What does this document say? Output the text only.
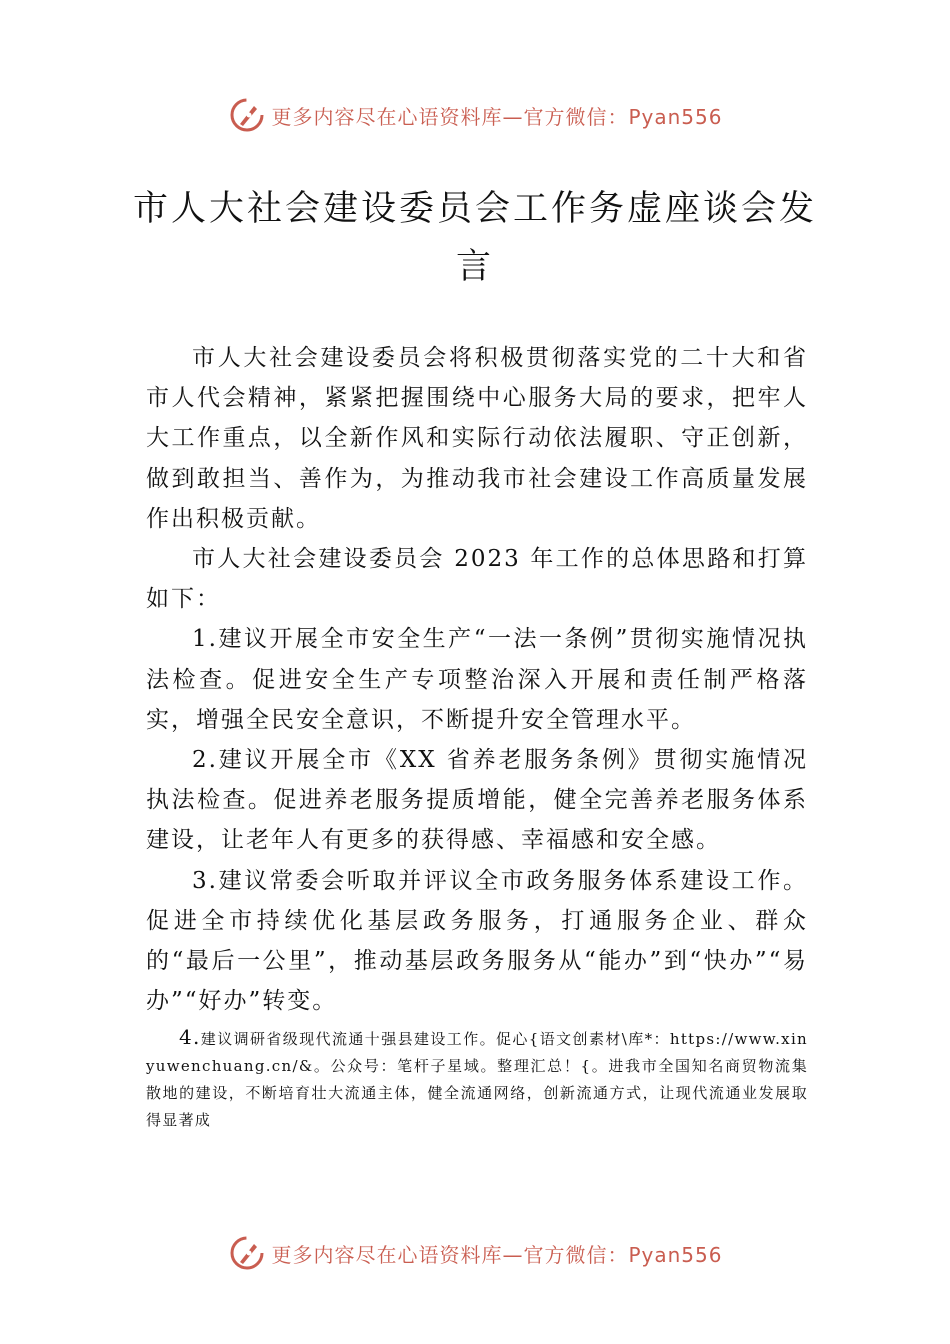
更多内容尽在心语资料库—官方微信：Pyan556
市人大社会建设委员会工作务虚座谈会发言

市人大社会建设委员会将积极贯彻落实党的二十大和省市人代会精神，紧紧把握围绕中心服务大局的要求，把牢人大工作重点，以全新作风和实际行动依法履职、守正创新，做到敢担当、善作为，为推动我市社会建设工作高质量发展作出积极贡献。

市人大社会建设委员会 2023 年工作的总体思路和打算如下：

1.建议开展全市安全生产“一法一条例”贯彻实施情况执法检查。促进安全生产专项整治深入开展和责任制严格落实，增强全民安全意识，不断提升安全管理水平。

2.建议开展全市《XX 省养老服务条例》贯彻实施情况执法检查。促进养老服务提质增能，健全完善养老服务体系建设，让老年人有更多的获得感、幸福感和安全感。

3.建议常委会听取并评议全市政务服务体系建设工作。促进全市持续优化基层政务服务，打通服务企业、群众的“最后一公里”，推动基层政务服务从“能办”到“快办”“易办”“好办”转变。

4.建议调研省级现代流通十强县建设工作。促心{语文创素材\库*：https://www.xinyuwenchuang.cn/&。公众号：笔杆子星域。整理汇总！{。进我市全国知名商贸物流集散地的建设，不断培育壮大流通主体，健全流通网络，创新流通方式，让现代流通业发展取得显著成

更多内容尽在心语资料库—官方微信：Pyan556
